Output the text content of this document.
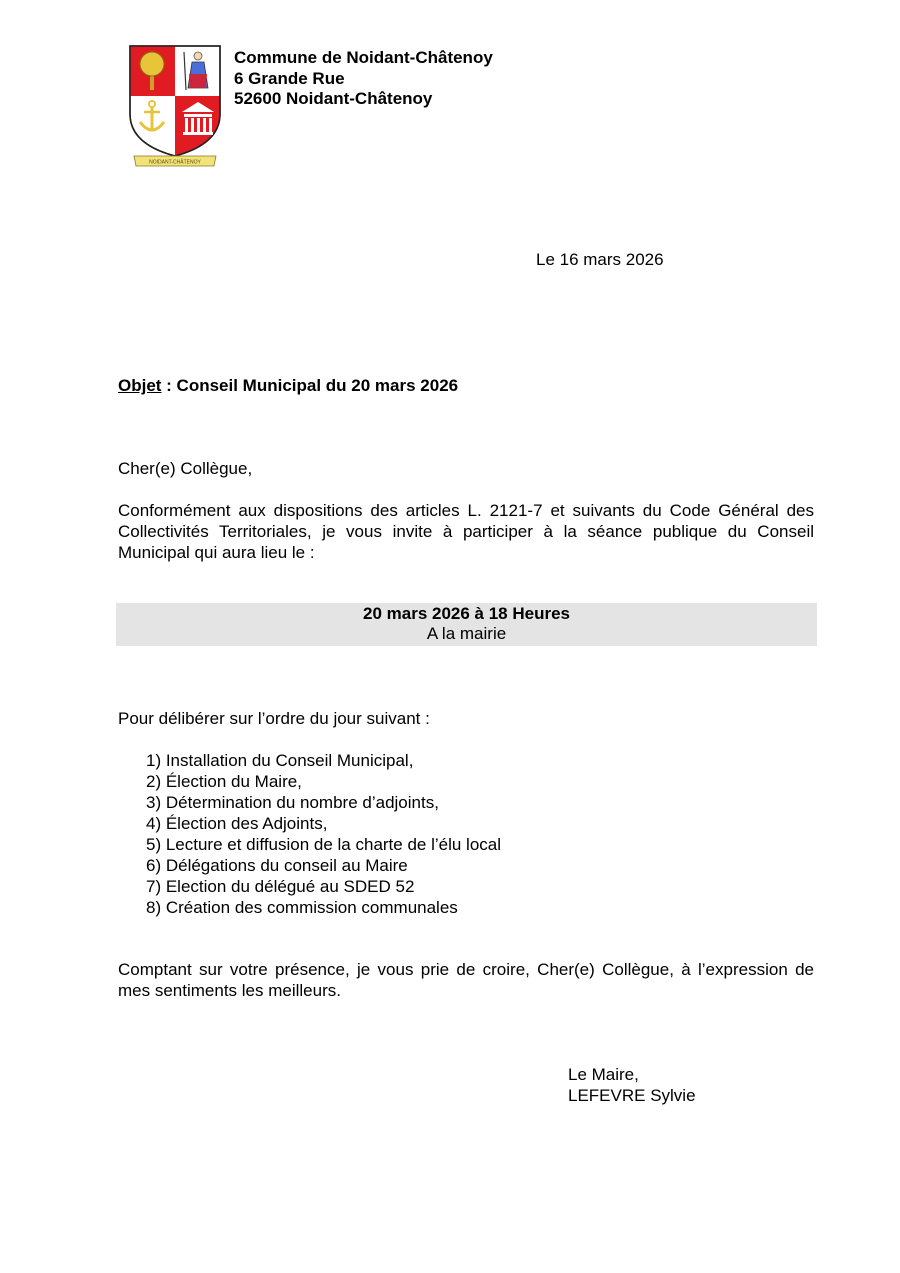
NOIDANT-CHÂTENOY
Commune de Noidant-Châtenoy
6 Grande Rue
52600 Noidant-Châtenoy
Le 16 mars 2026
Objet : Conseil Municipal du 20 mars 2026
Cher(e) Collègue,
Conformément aux dispositions des articles L. 2121-7 et suivants du Code Général des Collectivités Territoriales, je vous invite à participer à la séance publique du Conseil Municipal qui aura lieu le :
20 mars 2026 à 18 Heures
A la mairie
Pour délibérer sur l’ordre du jour suivant :
1) Installation du Conseil Municipal,
2) Élection du Maire,
3) Détermination du nombre d’adjoints,
4) Élection des Adjoints,
5) Lecture et diffusion de la charte de l’élu local
6) Délégations du conseil au Maire
7) Election du délégué au SDED 52
8) Création des commission communales
Comptant sur votre présence, je vous prie de croire, Cher(e) Collègue, à l’expression de mes sentiments les meilleurs.
Le Maire,
LEFEVRE Sylvie
